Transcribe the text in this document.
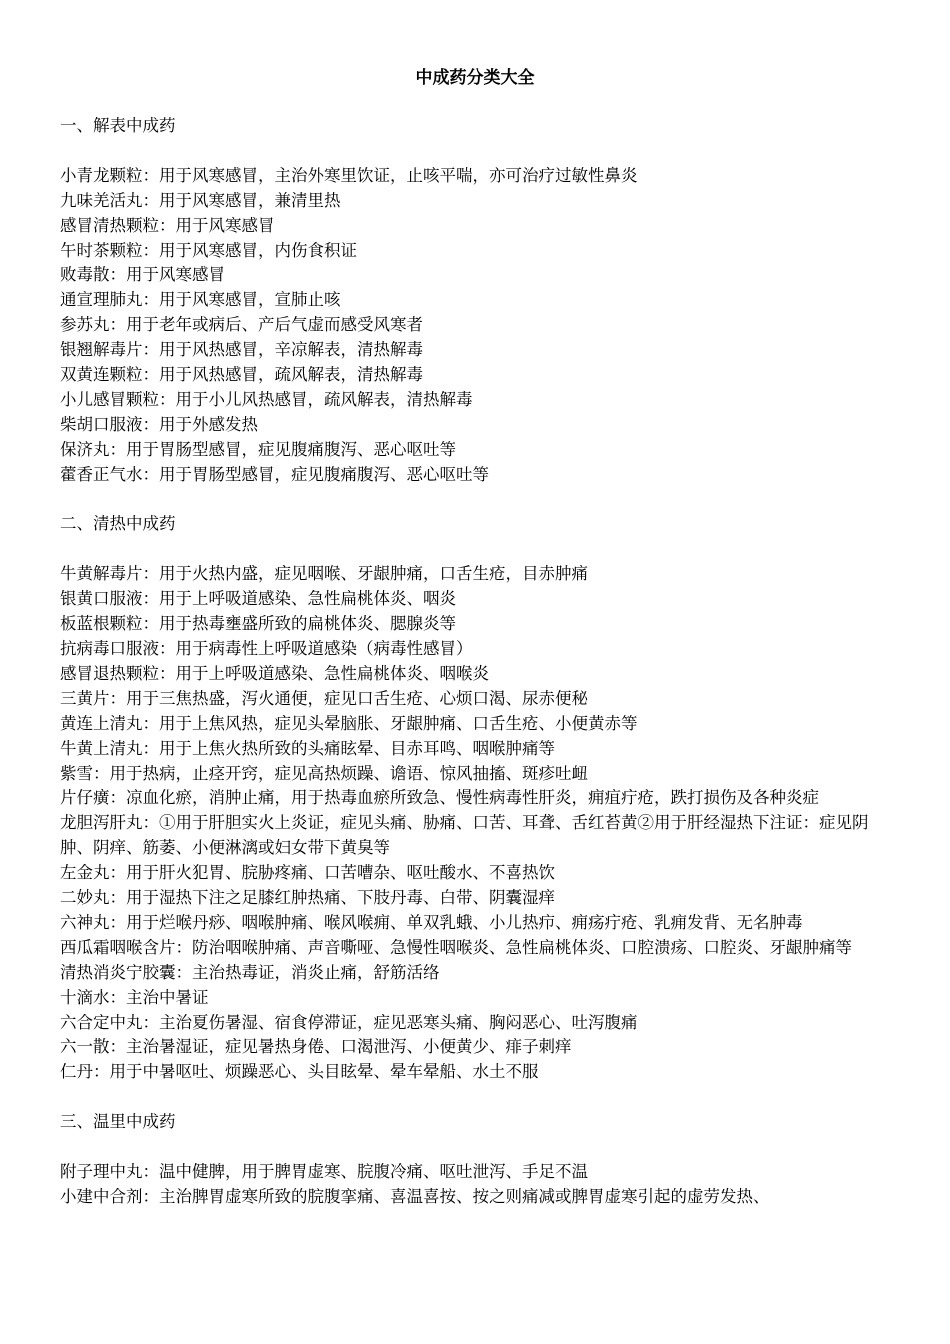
中成药分类大全

一、解表中成药

小青龙颗粒：用于风寒感冒，主治外寒里饮证，止咳平喘，亦可治疗过敏性鼻炎

九味羌活丸：用于风寒感冒，兼清里热

感冒清热颗粒：用于风寒感冒

午时茶颗粒：用于风寒感冒，内伤食积证

败毒散：用于风寒感冒

通宣理肺丸：用于风寒感冒，宣肺止咳

参苏丸：用于老年或病后、产后气虚而感受风寒者

银翘解毒片：用于风热感冒，辛凉解表，清热解毒

双黄连颗粒：用于风热感冒，疏风解表，清热解毒

小儿感冒颗粒：用于小儿风热感冒，疏风解表，清热解毒

柴胡口服液：用于外感发热

保济丸：用于胃肠型感冒，症见腹痛腹泻、恶心呕吐等

藿香正气水：用于胃肠型感冒，症见腹痛腹泻、恶心呕吐等

二、清热中成药

牛黄解毒片：用于火热内盛，症见咽喉、牙龈肿痛，口舌生疮，目赤肿痛

银黄口服液：用于上呼吸道感染、急性扁桃体炎、咽炎

板蓝根颗粒：用于热毒壅盛所致的扁桃体炎、腮腺炎等

抗病毒口服液：用于病毒性上呼吸道感染（病毒性感冒）

感冒退热颗粒：用于上呼吸道感染、急性扁桃体炎、咽喉炎

三黄片：用于三焦热盛，泻火通便，症见口舌生疮、心烦口渴、尿赤便秘

黄连上清丸：用于上焦风热，症见头晕脑胀、牙龈肿痛、口舌生疮、小便黄赤等

牛黄上清丸：用于上焦火热所致的头痛眩晕、目赤耳鸣、咽喉肿痛等

紫雪：用于热病，止痉开窍，症见高热烦躁、谵语、惊风抽搐、斑疹吐衄

片仔癀：凉血化瘀，消肿止痛，用于热毒血瘀所致急、慢性病毒性肝炎，痈疽疔疮，跌打损伤及各种炎症

龙胆泻肝丸：①用于肝胆实火上炎证，症见头痛、胁痛、口苦、耳聋、舌红苔黄②用于肝经湿热下注证：症见阴肿、阴痒、筋萎、小便淋漓或妇女带下黄臭等

左金丸：用于肝火犯胃、脘胁疼痛、口苦嘈杂、呕吐酸水、不喜热饮

二妙丸：用于湿热下注之足膝红肿热痛、下肢丹毒、白带、阴囊湿痒

六神丸：用于烂喉丹痧、咽喉肿痛、喉风喉痈、单双乳蛾、小儿热疖、痈疡疔疮、乳痈发背、无名肿毒

西瓜霜咽喉含片：防治咽喉肿痛、声音嘶哑、急慢性咽喉炎、急性扁桃体炎、口腔溃疡、口腔炎、牙龈肿痛等

清热消炎宁胶囊：主治热毒证，消炎止痛，舒筋活络

十滴水：主治中暑证

六合定中丸：主治夏伤暑湿、宿食停滞证，症见恶寒头痛、胸闷恶心、吐泻腹痛

六一散：主治暑湿证，症见暑热身倦、口渴泄泻、小便黄少、痱子刺痒

仁丹：用于中暑呕吐、烦躁恶心、头目眩晕、晕车晕船、水土不服

三、温里中成药

附子理中丸：温中健脾，用于脾胃虚寒、脘腹冷痛、呕吐泄泻、手足不温

小建中合剂：主治脾胃虚寒所致的脘腹挛痛、喜温喜按、按之则痛减或脾胃虚寒引起的虚劳发热、
